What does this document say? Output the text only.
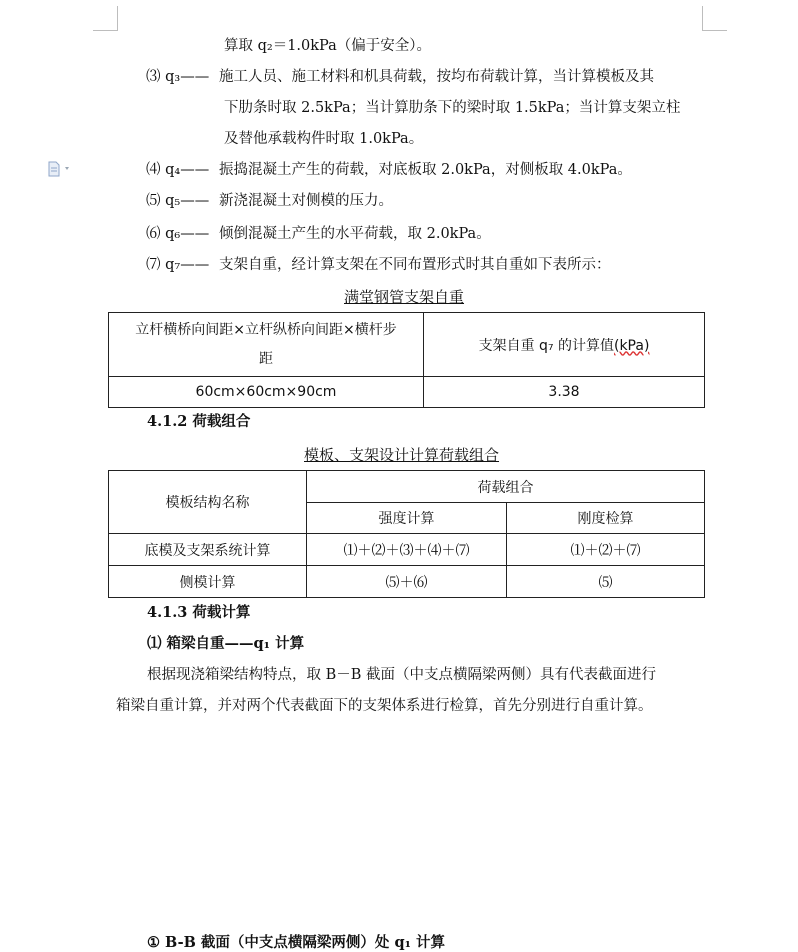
算取 q₂＝1.0kPa（偏于安全）。
⑶ q₃—— 施工人员、施工材料和机具荷载，按均布荷载计算，当计算模板及其
下肋条时取 2.5kPa；当计算肋条下的梁时取 1.5kPa；当计算支架立柱
及替他承载构件时取 1.0kPa。
⑷ q₄—— 振捣混凝土产生的荷载，对底板取 2.0kPa，对侧板取 4.0kPa。
⑸ q₅—— 新浇混凝土对侧模的压力。
⑹ q₆—— 倾倒混凝土产生的水平荷载，取 2.0kPa。
⑺ q₇—— 支架自重，经计算支架在不同布置形式时其自重如下表所示：
满堂钢管支架自重
立杆横桥向间距×立杆纵桥向间距×横杆步
距	支架自重 q₇ 的计算值(kPa)
60cm×60cm×90cm	3.38
4.1.2 荷载组合
模板、支架设计计算荷载组合
模板结构名称	荷载组合	
	强度计算	刚度检算
底模及支架系统计算	⑴＋⑵＋⑶＋⑷＋⑺	⑴＋⑵＋⑺
侧模计算	⑸＋⑹	⑸
4.1.3 荷载计算
⑴ 箱梁自重——q₁ 计算
根据现浇箱梁结构特点，取 B－B 截面（中支点横隔梁两侧）具有代表截面进行
箱梁自重计算，并对两个代表截面下的支架体系进行检算，首先分别进行自重计算。
① B-B 截面（中支点横隔梁两侧）处 q₁ 计算
